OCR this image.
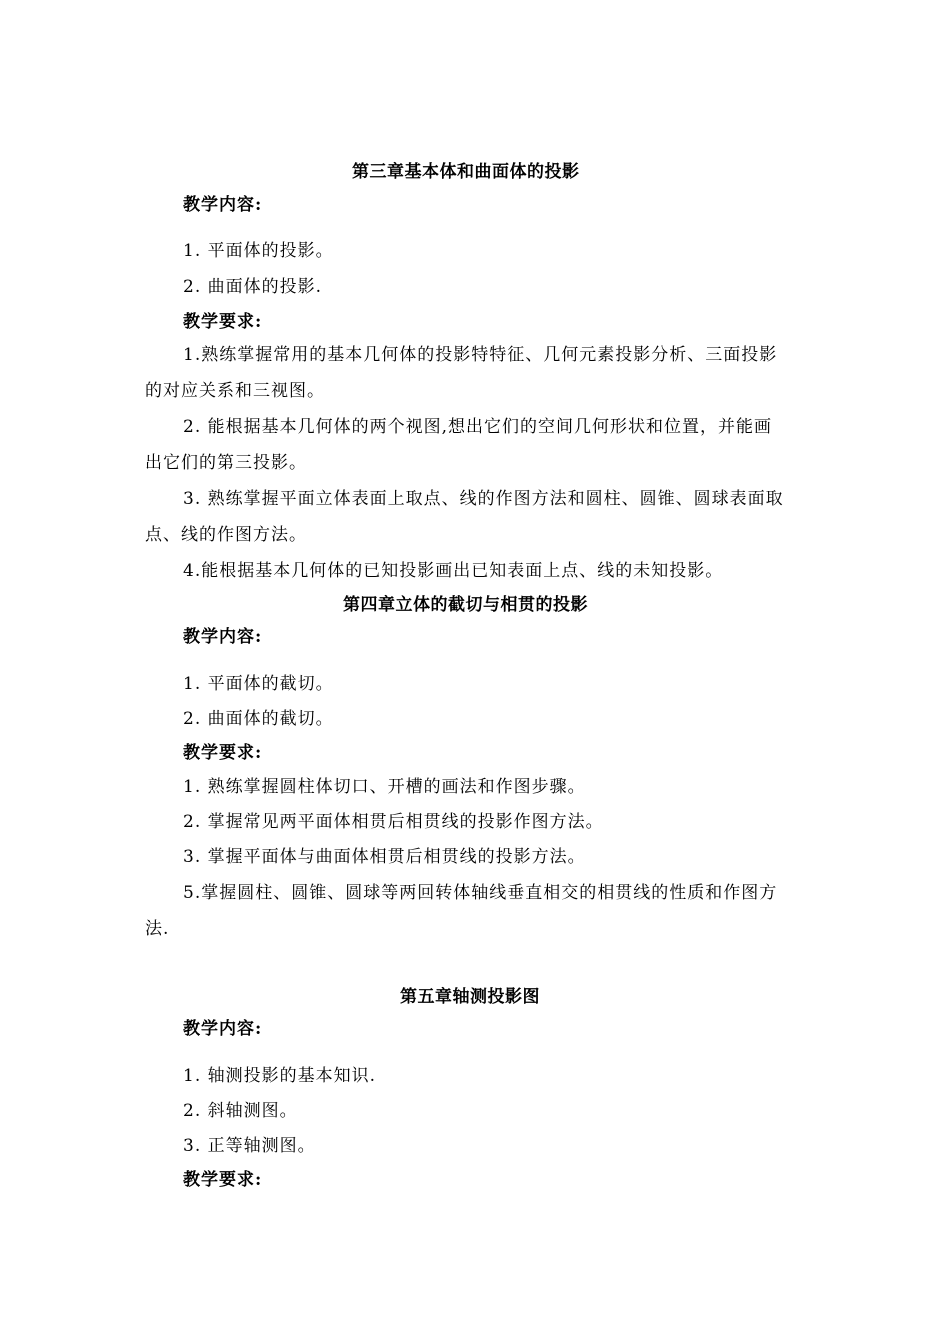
第三章基本体和曲面体的投影
教学内容:
1. 平面体的投影。
2. 曲面体的投影.
教学要求:
1.熟练掌握常用的基本几何体的投影特特征、几何元素投影分析、三面投影
的对应关系和三视图。
2. 能根据基本几何体的两个视图,想出它们的空间几何形状和位置，并能画
出它们的第三投影。
3. 熟练掌握平面立体表面上取点、线的作图方法和圆柱、圆锥、圆球表面取
点、线的作图方法。
4.能根据基本几何体的已知投影画出已知表面上点、线的未知投影。
第四章立体的截切与相贯的投影
教学内容:
1. 平面体的截切。
2. 曲面体的截切。
教学要求:
1. 熟练掌握圆柱体切口、开槽的画法和作图步骤。
2. 掌握常见两平面体相贯后相贯线的投影作图方法。
3. 掌握平面体与曲面体相贯后相贯线的投影方法。
5.掌握圆柱、圆锥、圆球等两回转体轴线垂直相交的相贯线的性质和作图方
法.
第五章轴测投影图
教学内容:
1. 轴测投影的基本知识.
2. 斜轴测图。
3. 正等轴测图。
教学要求:
